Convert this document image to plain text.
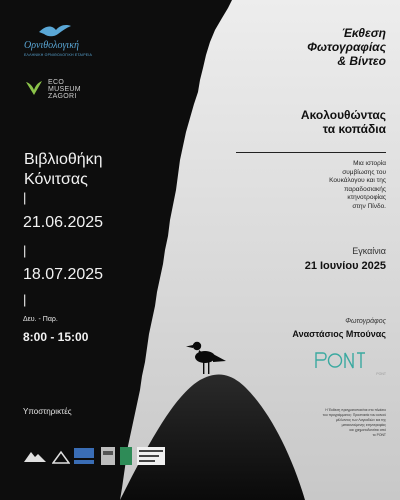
Ορνιθολογική

ΕΛΛΗΝΙΚΗ ΟΡΝΙΘΟΛΟΓΙΚΗ ΕΤΑΙΡΕΙΑ

ECO
MUSEUM
ZAGORI

Βιβλιοθήκη
Κόνιτσας

|

21.06.2025

|

18.07.2025

|

Δευ. - Παρ.

8:00 - 15:00

Υποστηρικτές

Έκθεση
Φωτογραφίας
& Βίντεο

Ακολουθώντας
τα κοπάδια

Μια ιστορία
συμβίωσης του
Κουκάλογου και της
παραδοσιακής
κτηνοτροφίας
στην Πίνδο.

Εγκαίνια

21 Ιουνίου 2025

Φωτογράφος

Αναστάσιος Μπούνας

PONT

Η Έκθεση πραγματοποιείται στο πλαίσιο
του προγράμματος: Προστασία του κοινού
μέλλοντος των Λαγκαδιών και της
μετακινούμενης κτηνοτροφίας
και χρηματοδοτείται από
το PONT
